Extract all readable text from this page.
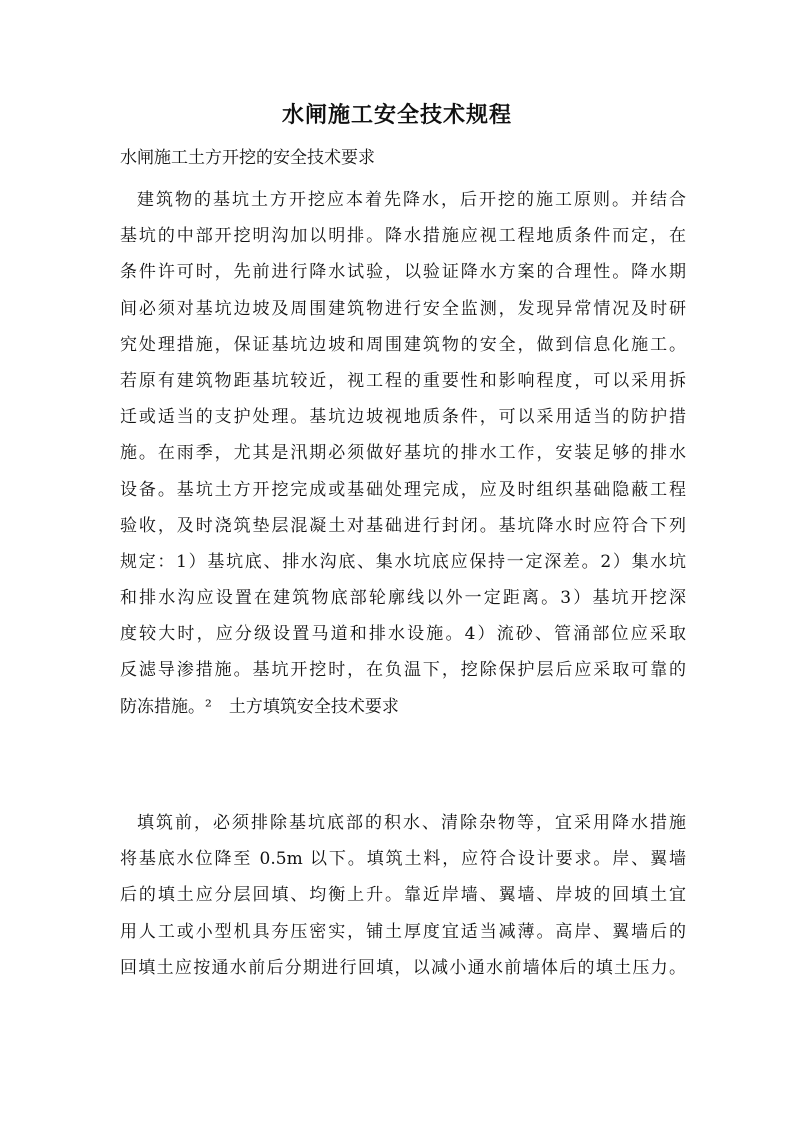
水闸施工安全技术规程
水闸施工土方开挖的安全技术要求
建筑物的基坑土方开挖应本着先降水，后开挖的施工原则。并结合
基坑的中部开挖明沟加以明排。降水措施应视工程地质条件而定，在
条件许可时，先前进行降水试验，以验证降水方案的合理性。降水期
间必须对基坑边坡及周围建筑物进行安全监测，发现异常情况及时研
究处理措施，保证基坑边坡和周围建筑物的安全，做到信息化施工。
若原有建筑物距基坑较近，视工程的重要性和影响程度，可以采用拆
迁或适当的支护处理。基坑边坡视地质条件，可以采用适当的防护措
施。在雨季，尤其是汛期必须做好基坑的排水工作，安装足够的排水
设备。基坑土方开挖完成或基础处理完成，应及时组织基础隐蔽工程
验收，及时浇筑垫层混凝土对基础进行封闭。基坑降水时应符合下列
规定：1）基坑底、排水沟底、集水坑底应保持一定深差。2）集水坑
和排水沟应设置在建筑物底部轮廓线以外一定距离。3）基坑开挖深
度较大时，应分级设置马道和排水设施。4）流砂、管涌部位应采取
反滤导渗措施。基坑开挖时，在负温下，挖除保护层后应采取可靠的
防冻措施。²　土方填筑安全技术要求
填筑前，必须排除基坑底部的积水、清除杂物等，宜采用降水措施
将基底水位降至 0.5m 以下。填筑土料，应符合设计要求。岸、翼墙
后的填土应分层回填、均衡上升。靠近岸墙、翼墙、岸坡的回填土宜
用人工或小型机具夯压密实，铺土厚度宜适当减薄。高岸、翼墙后的
回填土应按通水前后分期进行回填，以减小通水前墙体后的填土压力。
